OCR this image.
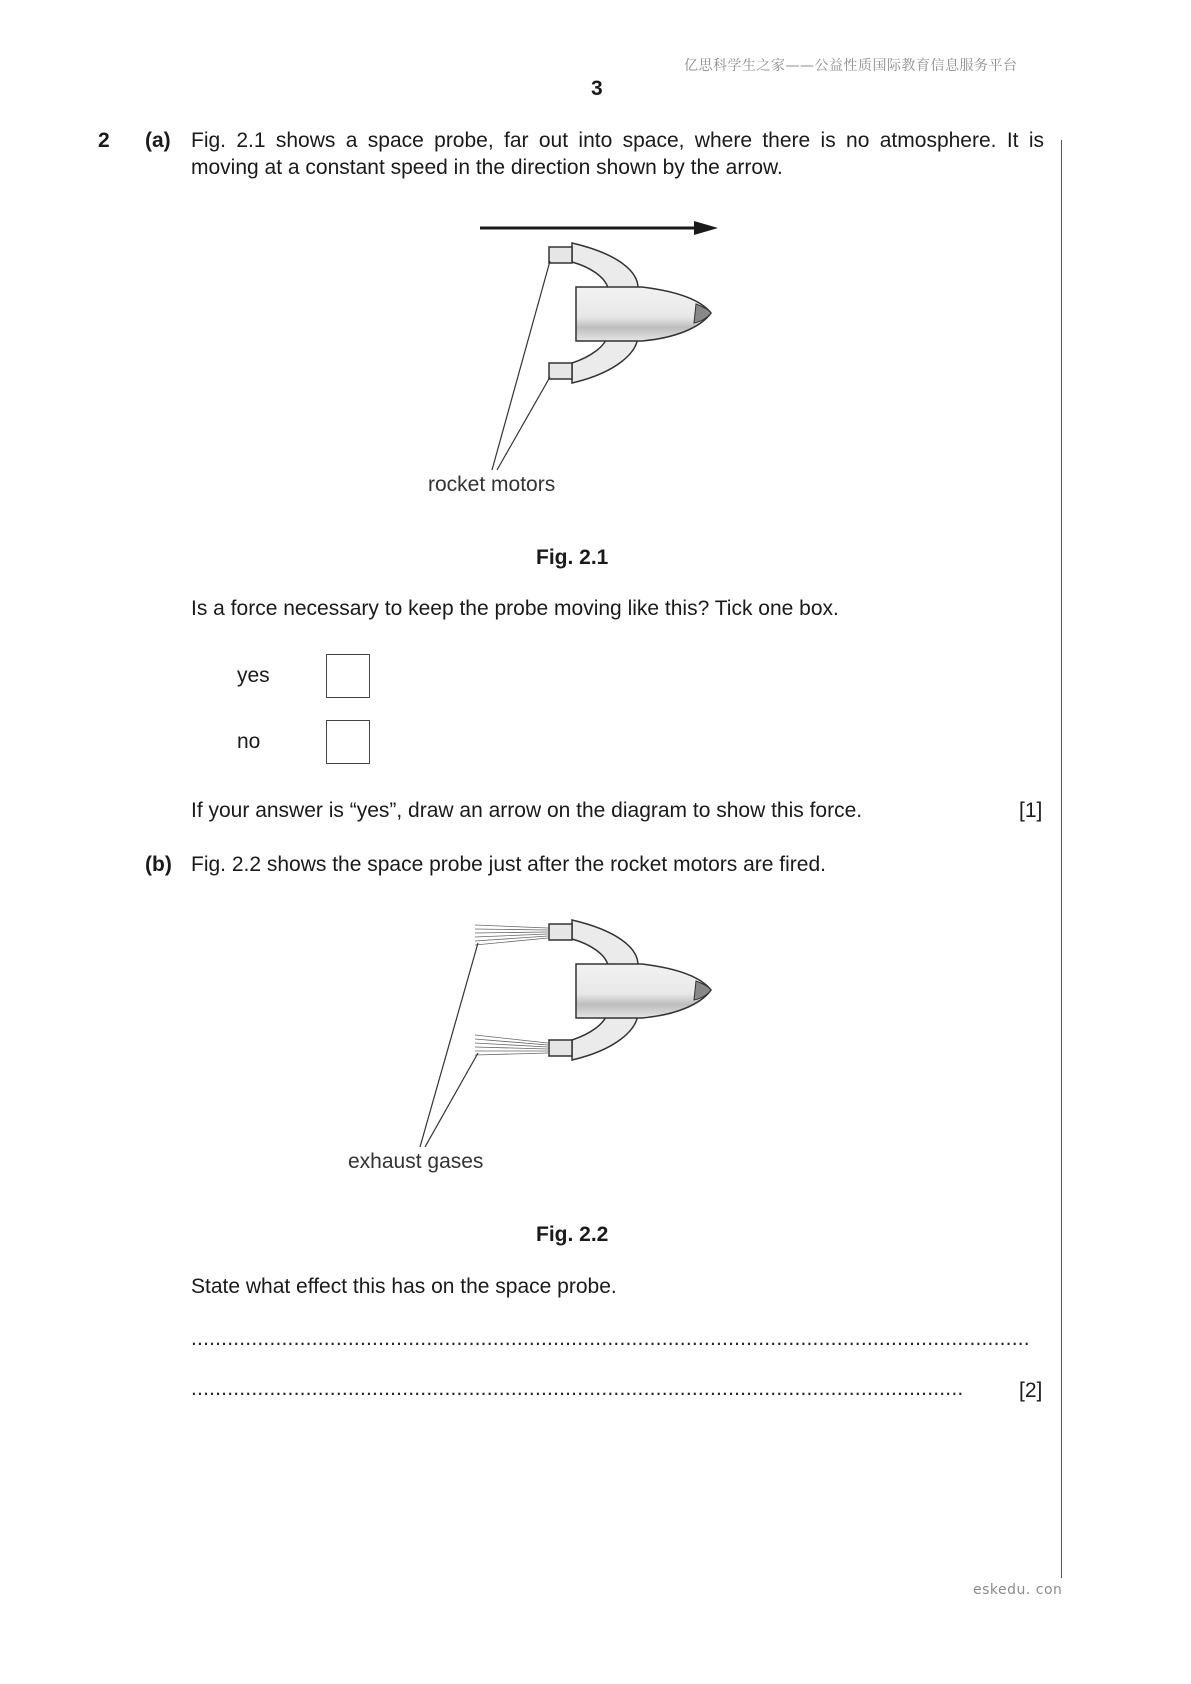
亿思科学生之家——公益性质国际教育信息服务平台
3
2 (a) Fig. 2.1 shows a space probe, far out into space, where there is no atmosphere. It is moving at a constant speed in the direction shown by the arrow.
rocket motors
Fig. 2.1
Is a force necessary to keep the probe moving like this? Tick one box.
yes
no
If your answer is “yes”, draw an arrow on the diagram to show this force.	[1]
(b) Fig. 2.2 shows the space probe just after the rocket motors are fired.
exhaust gases
Fig. 2.2
State what effect this has on the space probe.
...........................................................................................................................................
................................................................................................................................	[2]
eskedu. con
